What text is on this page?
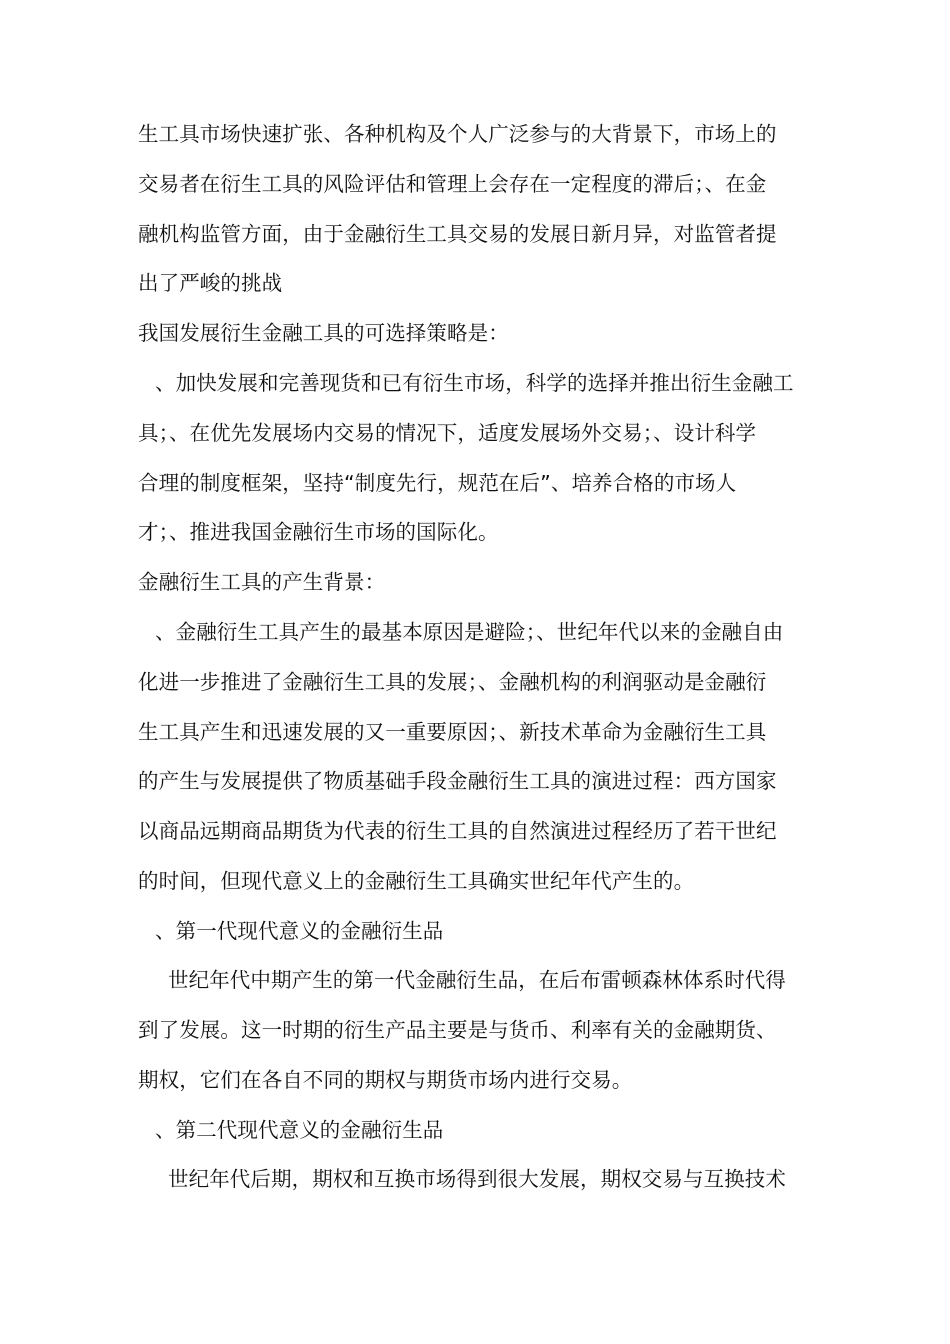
生工具市场快速扩张、各种机构及个人广泛参与的大背景下，市场上的
交易者在衍生工具的风险评估和管理上会存在一定程度的滞后；、在金
融机构监管方面，由于金融衍生工具交易的发展日新月异，对监管者提
出了严峻的挑战
我国发展衍生金融工具的可选择策略是：
、加快发展和完善现货和已有衍生市场，科学的选择并推出衍生金融工
具；、在优先发展场内交易的情况下，适度发展场外交易；、设计科学
合理的制度框架，坚持“制度先行，规范在后”、培养合格的市场人
才；、推进我国金融衍生市场的国际化。
金融衍生工具的产生背景：
、金融衍生工具产生的最基本原因是避险；、世纪年代以来的金融自由
化进一步推进了金融衍生工具的发展；、金融机构的利润驱动是金融衍
生工具产生和迅速发展的又一重要原因；、新技术革命为金融衍生工具
的产生与发展提供了物质基础手段金融衍生工具的演进过程：西方国家
以商品远期商品期货为代表的衍生工具的自然演进过程经历了若干世纪
的时间，但现代意义上的金融衍生工具确实世纪年代产生的。
、第一代现代意义的金融衍生品
世纪年代中期产生的第一代金融衍生品，在后布雷顿森林体系时代得
到了发展。这一时期的衍生产品主要是与货币、利率有关的金融期货、
期权，它们在各自不同的期权与期货市场内进行交易。
、第二代现代意义的金融衍生品
世纪年代后期，期权和互换市场得到很大发展，期权交易与互换技术
